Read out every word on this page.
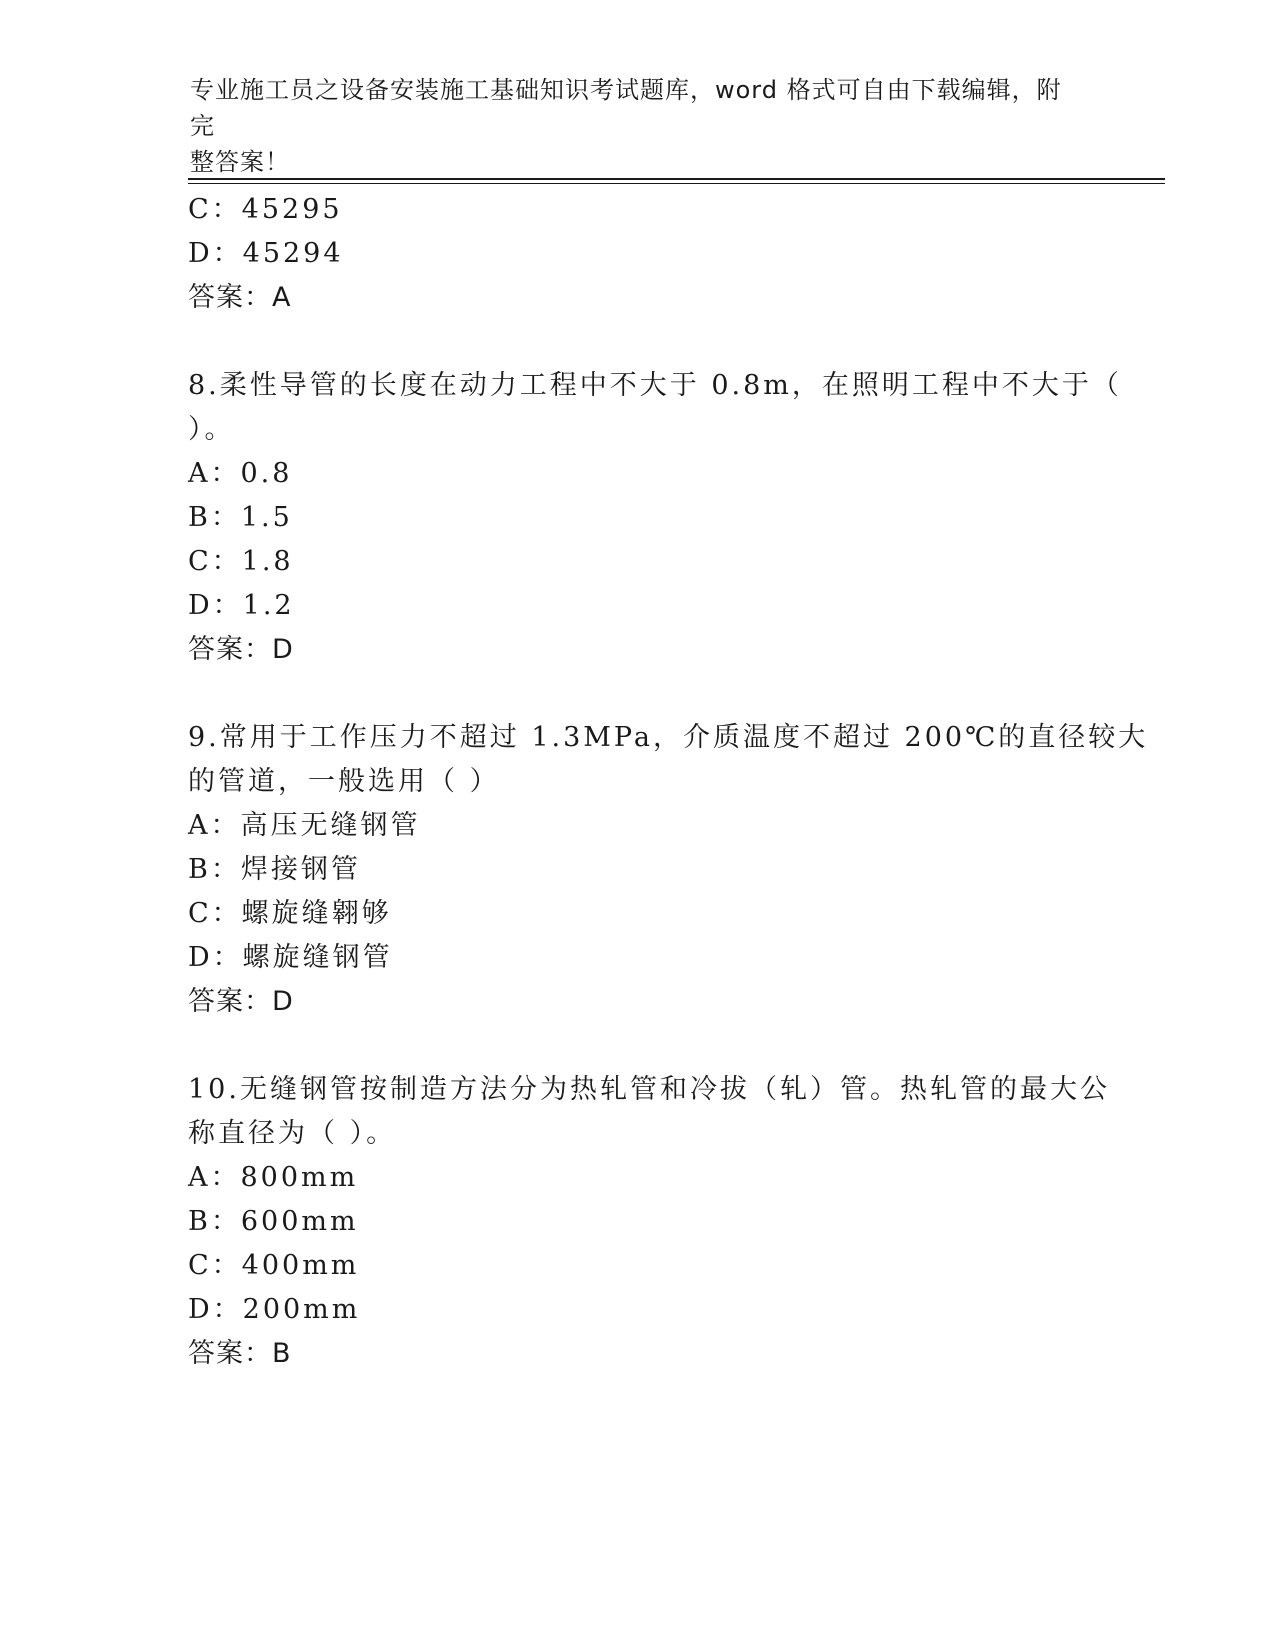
专业施工员之设备安装施工基础知识考试题库，word 格式可自由下载编辑，附完
整答案！
C：45295
D：45294
答案：A
8.柔性导管的长度在动力工程中不大于 0.8m，在照明工程中不大于（
）。
A：0.8
B：1.5
C：1.8
D：1.2
答案：D
9.常用于工作压力不超过 1.3MPa，介质温度不超过 200℃的直径较大
的管道，一般选用（ ）
A：高压无缝钢管
B：焊接钢管
C：螺旋缝翱够
D：螺旋缝钢管
答案：D
10.无缝钢管按制造方法分为热轧管和冷拔（轧）管。热轧管的最大公
称直径为（ ）。
A：800mm
B：600mm
C：400mm
D：200mm
答案：B
